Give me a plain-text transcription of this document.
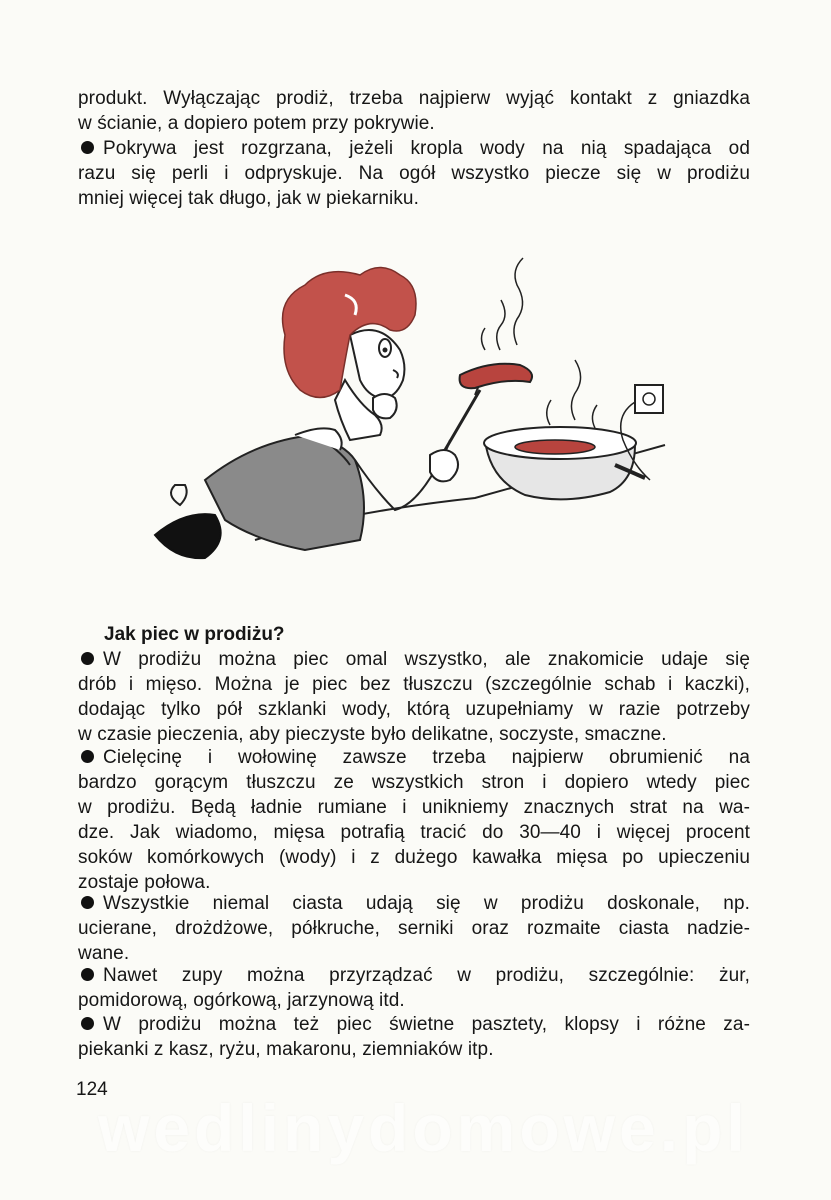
produkt. Wyłączając prodiż, trzeba najpierw wyjąć kontakt z gniazdka
w ścianie, a dopiero potem przy pokrywie.
Pokrywa jest rozgrzana, jeżeli kropla wody na nią spadająca od
razu się perli i odpryskuje. Na ogół wszystko piecze się w prodiżu
mniej więcej tak długo, jak w piekarniku.
Jak piec w prodiżu?
W prodiżu można piec omal wszystko, ale znakomicie udaje się
drób i mięso. Można je piec bez tłuszczu (szczególnie schab i kaczki),
dodając tylko pół szklanki wody, którą uzupełniamy w razie potrzeby
w czasie pieczenia, aby pieczyste było delikatne, soczyste, smaczne.
Cielęcinę i wołowinę zawsze trzeba najpierw obrumienić na
bardzo gorącym tłuszczu ze wszystkich stron i dopiero wtedy piec
w prodiżu. Będą ładnie rumiane i unikniemy znacznych strat na wa-
dze. Jak wiadomo, mięsa potrafią tracić do 30—40 i więcej procent
soków komórkowych (wody) i z dużego kawałka mięsa po upieczeniu
zostaje połowa.
Wszystkie niemal ciasta udają się w prodiżu doskonale, np.
ucierane, drożdżowe, półkruche, serniki oraz rozmaite ciasta nadzie-
wane.
Nawet zupy można przyrządzać w prodiżu, szczególnie: żur,
pomidorową, ogórkową, jarzynową itd.
W prodiżu można też piec świetne pasztety, klopsy i różne za-
piekanki z kasz, ryżu, makaronu, ziemniaków itp.
124
wedlinydomowe.pl
